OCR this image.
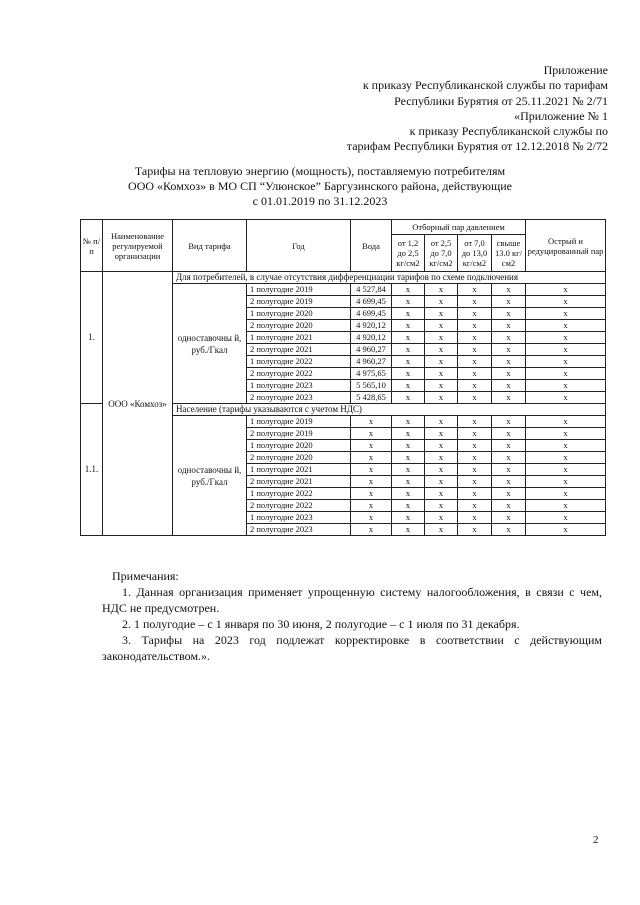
Приложение

к приказу Республиканской службы по тарифам

Республики Бурятия от 25.11.2021 № 2/71

«Приложение № 1

к приказу Республиканской службы по

тарифам Республики Бурятия от 12.12.2018 № 2/72

Тарифы на тепловую энергию (мощность), поставляемую потребителям

ООО «Комхоз» в МО СП “Улюнское” Баргузинского района, действующие

с 01.01.2019 по 31.12.2023

№ п/п	Наименование регулируемой организации	Вид тарифа	Год	Вода	Отборный пар давлением				Острый и редуцированный пар
					от 1,2 до 2,5 кг/см2	от 2,5 до 7,0 кг/см2	от 7,0 до 13,0 кг/см2	свыше 13.0 кг/см2	
1.	ООО «Комхоз»	Для потребителей, в случае отсутствия дифференциации тарифов по схеме подключения							
		одноставочны й, руб./Гкал	1 полугодие 2019	4 527,84	х	х	х	х	х
			2 полугодие 2019	4 699,45	х	х	х	х	х
			1 полугодие 2020	4 699,45	х	х	х	х	х
			2 полугодие 2020	4 920,12	х	х	х	х	х
			1 полугодие 2021	4 920,12	х	х	х	х	х
			2 полугодие 2021	4 960,27	х	х	х	х	х
			1 полугодие 2022	4 960,27	х	х	х	х	х
			2 полугодие 2022	4 975,65	х	х	х	х	х
			1 полугодие 2023	5 565,10	х	х	х	х	х
			2 полугодие 2023	5 428,65	х	х	х	х	х
1.1.		Население (тарифы указываются с учетом НДС)							
		одноставочны й, руб./Гкал	1 полугодие 2019	х	х	х	х	х	х
			2 полугодие 2019	х	х	х	х	х	х
			1 полугодие 2020	х	х	х	х	х	х
			2 полугодие 2020	х	х	х	х	х	х
			1 полугодие 2021	х	х	х	х	х	х
			2 полугодие 2021	х	х	х	х	х	х
			1 полугодие 2022	х	х	х	х	х	х
			2 полугодие 2022	х	х	х	х	х	х
			1 полугодие 2023	х	х	х	х	х	х
			2 полугодие 2023	х	х	х	х	х	х

Примечания:

1. Данная организация применяет упрощенную систему налогообложения, в связи с чем, НДС не предусмотрен.

2. 1 полугодие – с 1 января по 30 июня, 2 полугодие – с 1 июля по 31 декабря.

3. Тарифы на 2023 год подлежат корректировке в соответствии с действующим законодательством.».

2
